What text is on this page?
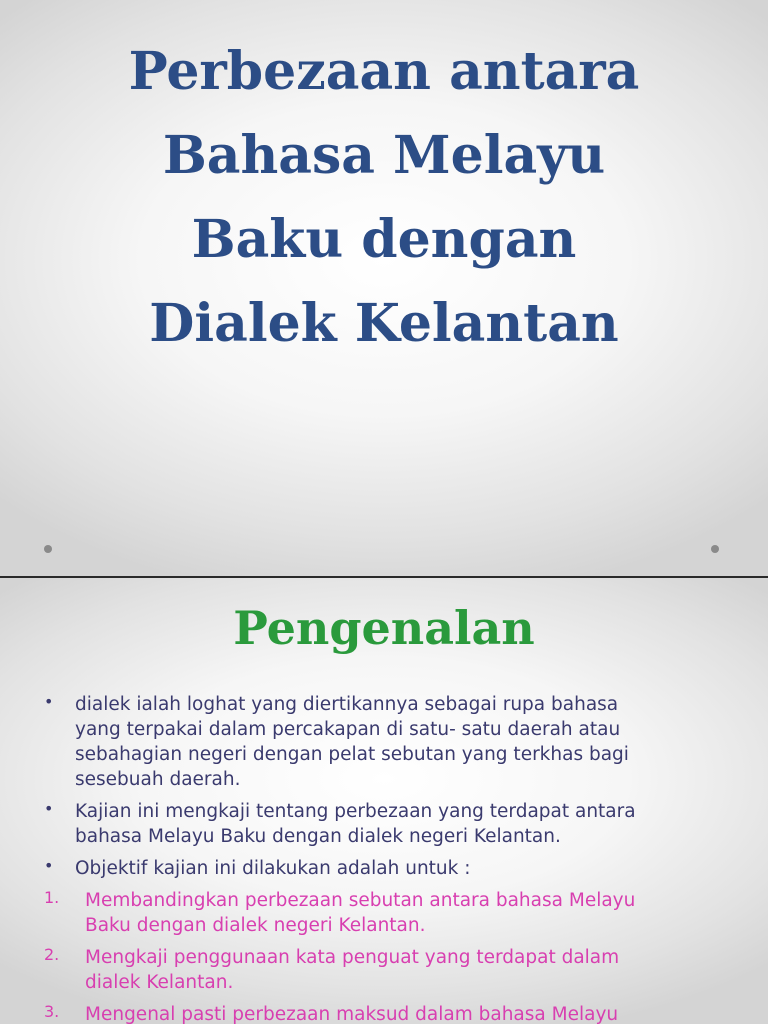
Perbezaan antara
Bahasa Melayu
Baku dengan
Dialek Kelantan
Pengenalan
• dialek ialah loghat yang diertikannya sebagai rupa bahasa
yang terpakai dalam percakapan di satu- satu daerah atau
sebahagian negeri dengan pelat sebutan yang terkhas bagi
sesebuah daerah.
• Kajian ini mengkaji tentang perbezaan yang terdapat antara
bahasa Melayu Baku dengan dialek negeri Kelantan.
• Objektif kajian ini dilakukan adalah untuk :
1. Membandingkan perbezaan sebutan antara bahasa Melayu
Baku dengan dialek negeri Kelantan.
2. Mengkaji penggunaan kata penguat yang terdapat dalam
dialek Kelantan.
3. Mengenal pasti perbezaan maksud dalam bahasa Melayu
